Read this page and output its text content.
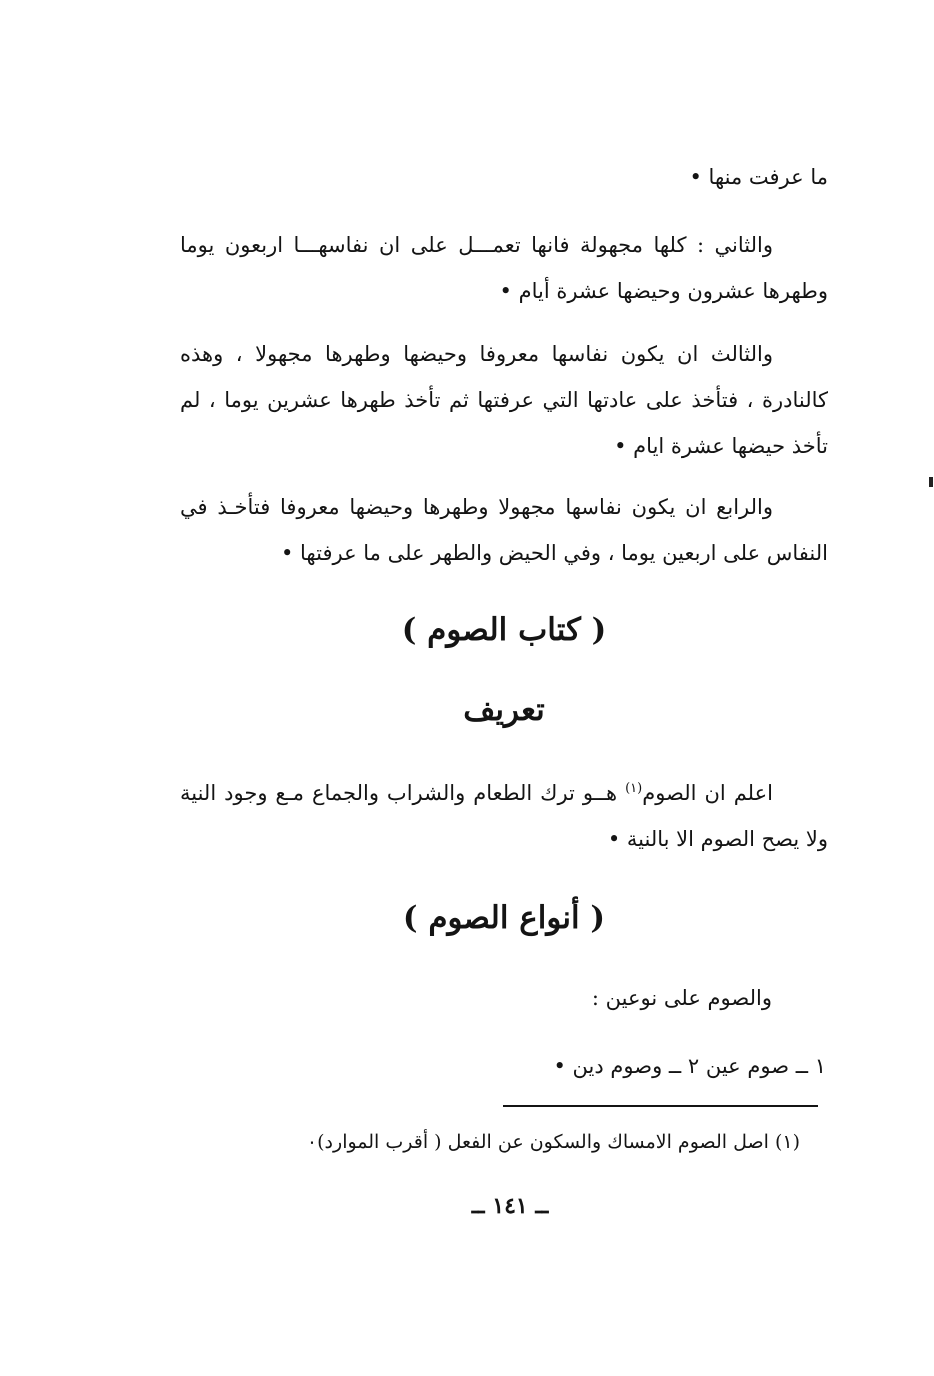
ما عرفت منها •

والثاني : كلها مجهولة فانها تعمـــل على ان نفاسهـــا اربعون يوما وطهرها عشرون وحيضها عشرة أيام •

والثالث ان يكون نفاسها معروفا وحيضها وطهرها مجهولا ، وهذه كالنادرة ، فتأخذ على عادتها التي عرفتها ثم تأخذ طهرها عشرين يوما ، لم تأخذ حيضها عشرة ايام •

والرابع ان يكون نفاسها مجهولا وطهرها وحيضها معروفا فتأخـذ في النفاس على اربعين يوما ، وفي الحيض والطهر على ما عرفتها •

( كتاب الصوم )
تعريف

اعلم ان الصوم$^{(١)}$ هــو ترك الطعام والشراب والجماع مـع وجود النية ولا يصح الصوم الا بالنية •

( أنواع الصوم )
والصوم على نوعين :
١ ــ صوم عين ٢ ــ وصوم دين •
(١) اصل الصوم الامساك والسكون عن الفعل ( أقرب الموارد)٠
ــ ١٤١ ــ
